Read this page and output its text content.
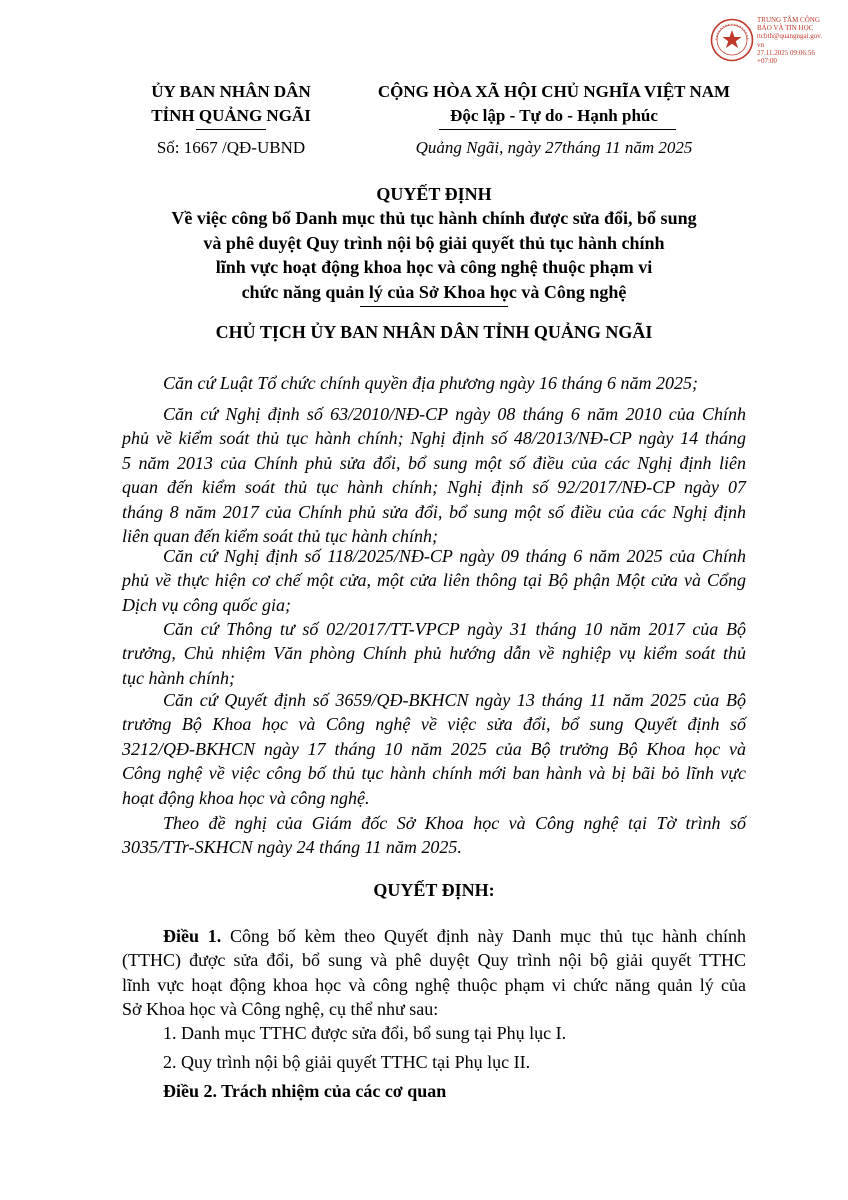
TRUNG TÂM CÔNG
BÁO VÀ TIN HỌC
ttcbth@quangngai.gov.
vn
27.11.2025 09:06:56
+07:00
ỦY BAN NHÂN DÂN
TỈNH QUẢNG NGÃI
Số: 1667 /QĐ-UBND
CỘNG HÒA XÃ HỘI CHỦ NGHĨA VIỆT NAM
Độc lập - Tự do - Hạnh phúc
Quảng Ngãi, ngày 27tháng 11 năm 2025
QUYẾT ĐỊNH
Về việc công bố Danh mục thủ tục hành chính được sửa đổi, bổ sung
và phê duyệt Quy trình nội bộ giải quyết thủ tục hành chính
lĩnh vực hoạt động khoa học và công nghệ thuộc phạm vi
chức năng quản lý của Sở Khoa học và Công nghệ
CHỦ TỊCH ỦY BAN NHÂN DÂN TỈNH QUẢNG NGÃI
Căn cứ Luật Tổ chức chính quyền địa phương ngày 16 tháng 6 năm 2025;
Căn cứ Nghị định số 63/2010/NĐ-CP ngày 08 tháng 6 năm 2010 của Chính
phủ về kiểm soát thủ tục hành chính; Nghị định số 48/2013/NĐ-CP ngày 14 tháng
5 năm 2013 của Chính phủ sửa đổi, bổ sung một số điều của các Nghị định liên
quan đến kiểm soát thủ tục hành chính; Nghị định số 92/2017/NĐ-CP ngày 07
tháng 8 năm 2017 của Chính phủ sửa đổi, bổ sung một số điều của các Nghị định
liên quan đến kiểm soát thủ tục hành chính;
Căn cứ Nghị định số 118/2025/NĐ-CP ngày 09 tháng 6 năm 2025 của Chính
phủ về thực hiện cơ chế một cửa, một cửa liên thông tại Bộ phận Một cửa và Cổng
Dịch vụ công quốc gia;
Căn cứ Thông tư số 02/2017/TT-VPCP ngày 31 tháng 10 năm 2017 của Bộ
trưởng, Chủ nhiệm Văn phòng Chính phủ hướng dẫn về nghiệp vụ kiểm soát thủ
tục hành chính;
Căn cứ Quyết định số 3659/QĐ-BKHCN ngày 13 tháng 11 năm 2025 của Bộ
trưởng Bộ Khoa học và Công nghệ về việc sửa đổi, bổ sung Quyết định số
3212/QĐ-BKHCN ngày 17 tháng 10 năm 2025 của Bộ trưởng Bộ Khoa học và
Công nghệ về việc công bố thủ tục hành chính mới ban hành và bị bãi bỏ lĩnh vực
hoạt động khoa học và công nghệ.
Theo đề nghị của Giám đốc Sở Khoa học và Công nghệ tại Tờ trình số
3035/TTr-SKHCN ngày 24 tháng 11 năm 2025.
QUYẾT ĐỊNH:
Điều 1. Công bố kèm theo Quyết định này Danh mục thủ tục hành chính
(TTHC) được sửa đổi, bổ sung và phê duyệt Quy trình nội bộ giải quyết TTHC
lĩnh vực hoạt động khoa học và công nghệ thuộc phạm vi chức năng quản lý của
Sở Khoa học và Công nghệ, cụ thể như sau:
1. Danh mục TTHC được sửa đổi, bổ sung tại Phụ lục I.
2. Quy trình nội bộ giải quyết TTHC tại Phụ lục II.
Điều 2. Trách nhiệm của các cơ quan
